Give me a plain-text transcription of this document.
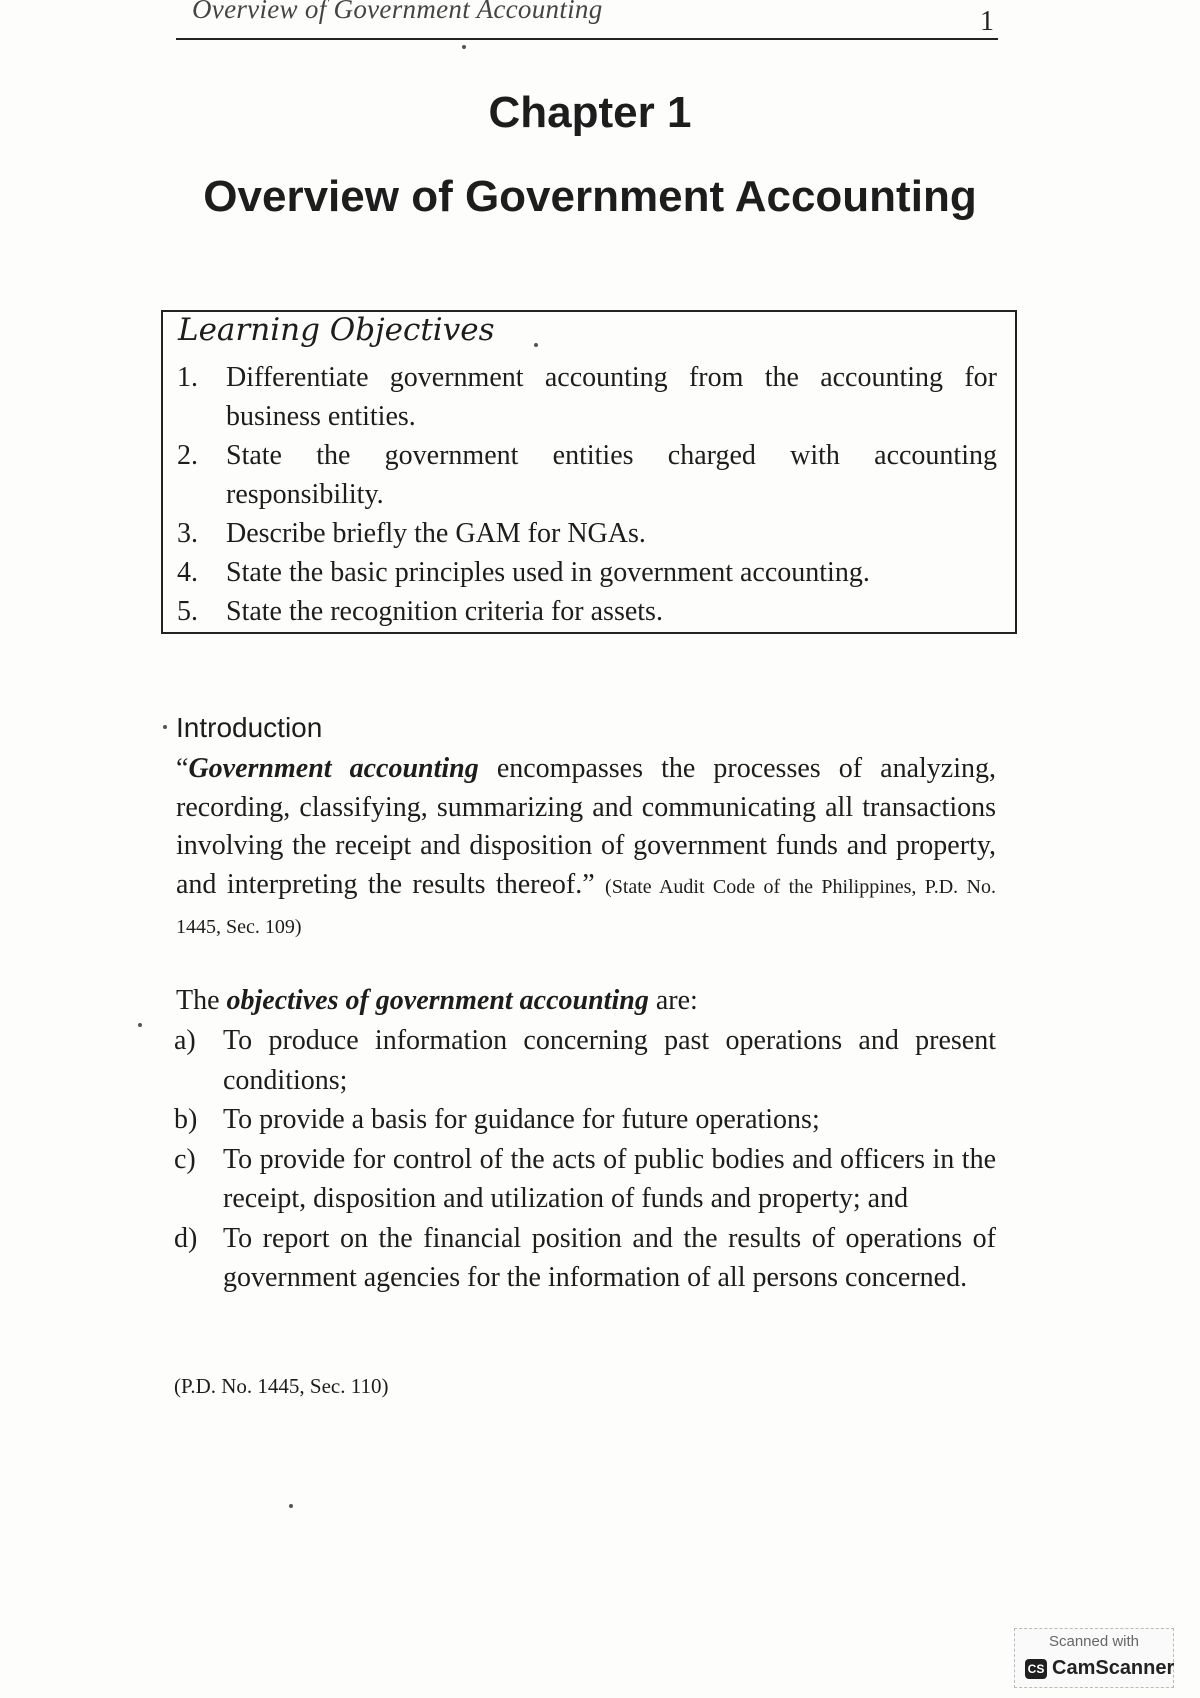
Overview of Government Accounting	1
Chapter 1
Overview of Government Accounting
Learning Objectives
1. Differentiate government accounting from the accounting for business entities.
2. State the government entities charged with accounting responsibility.
3. Describe briefly the GAM for NGAs.
4. State the basic principles used in government accounting.
5. State the recognition criteria for assets.
Introduction

“Government accounting encompasses the processes of analyzing, recording, classifying, summarizing and communicating all transactions involving the receipt and disposition of government funds and property, and interpreting the results thereof.” (State Audit Code of the Philippines, P.D. No. 1445, Sec. 109)

The objectives of government accounting are:
a) To produce information concerning past operations and present conditions;
b) To provide a basis for guidance for future operations;
c) To provide for control of the acts of public bodies and officers in the receipt, disposition and utilization of funds and property; and
d) To report on the financial position and the results of operations of government agencies for the information of all persons concerned.
(P.D. No. 1445, Sec. 110)
Scanned with
CS CamScanner
